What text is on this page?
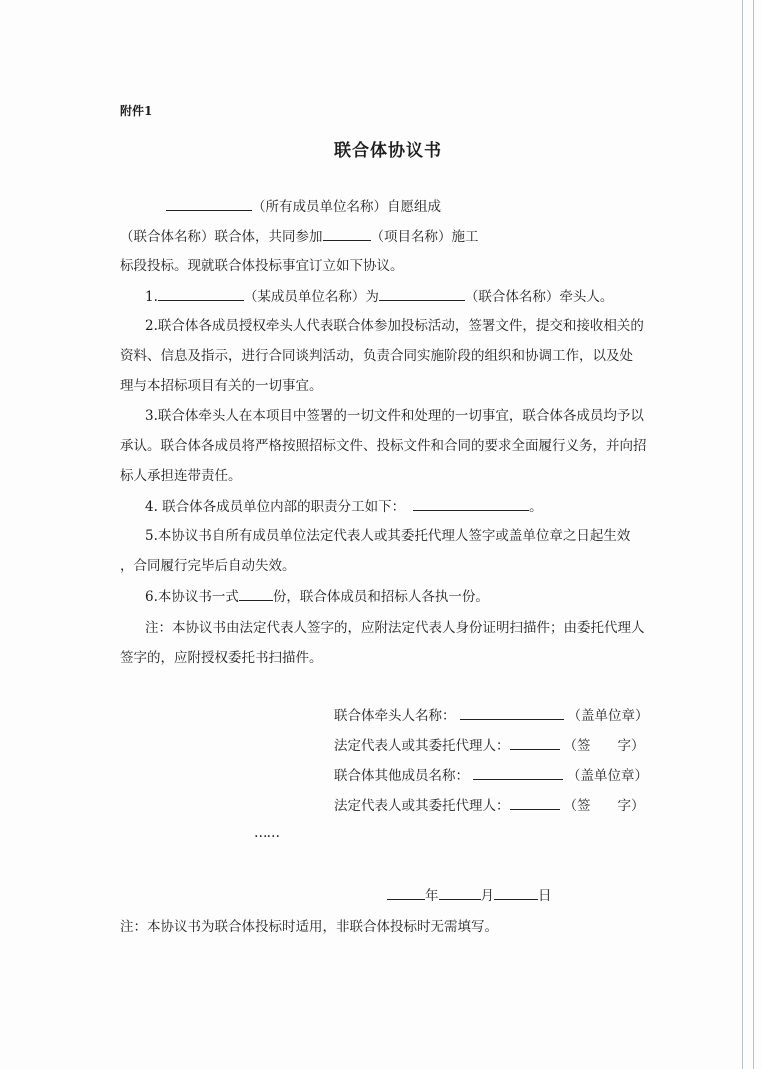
附件1
联合体协议书
（所有成员单位名称）自愿组成
（联合体名称）联合体，共同参加	（项目名称）施工
标段投标。现就联合体投标事宜订立如下协议。
1.	（某成员单位名称）为	（联合体名称）牵头人。
2.联合体各成员授权牵头人代表联合体参加投标活动，签署文件，提交和接收相关的
资料、信息及指示，进行合同谈判活动，负责合同实施阶段的组织和协调工作，以及处
理与本招标项目有关的一切事宜。
3.联合体牵头人在本项目中签署的一切文件和处理的一切事宜，联合体各成员均予以
承认。联合体各成员将严格按照招标文件、投标文件和合同的要求全面履行义务，并向招
标人承担连带责任。
4. 联合体各成员单位内部的职责分工如下：	。
5.本协议书自所有成员单位法定代表人或其委托代理人签字或盖单位章之日起生效
，合同履行完毕后自动失效。
6.本协议书一式	份，联合体成员和招标人各执一份。
注：本协议书由法定代表人签字的，应附法定代表人身份证明扫描件；由委托代理人
签字的，应附授权委托书扫描件。
联合体牵头人名称：	（盖单位章）
法定代表人或其委托代理人：	（签　　字）
联合体其他成员名称：	（盖单位章）
法定代表人或其委托代理人：	（签　　字）
……
年	月	日
注：本协议书为联合体投标时适用，非联合体投标时无需填写。
